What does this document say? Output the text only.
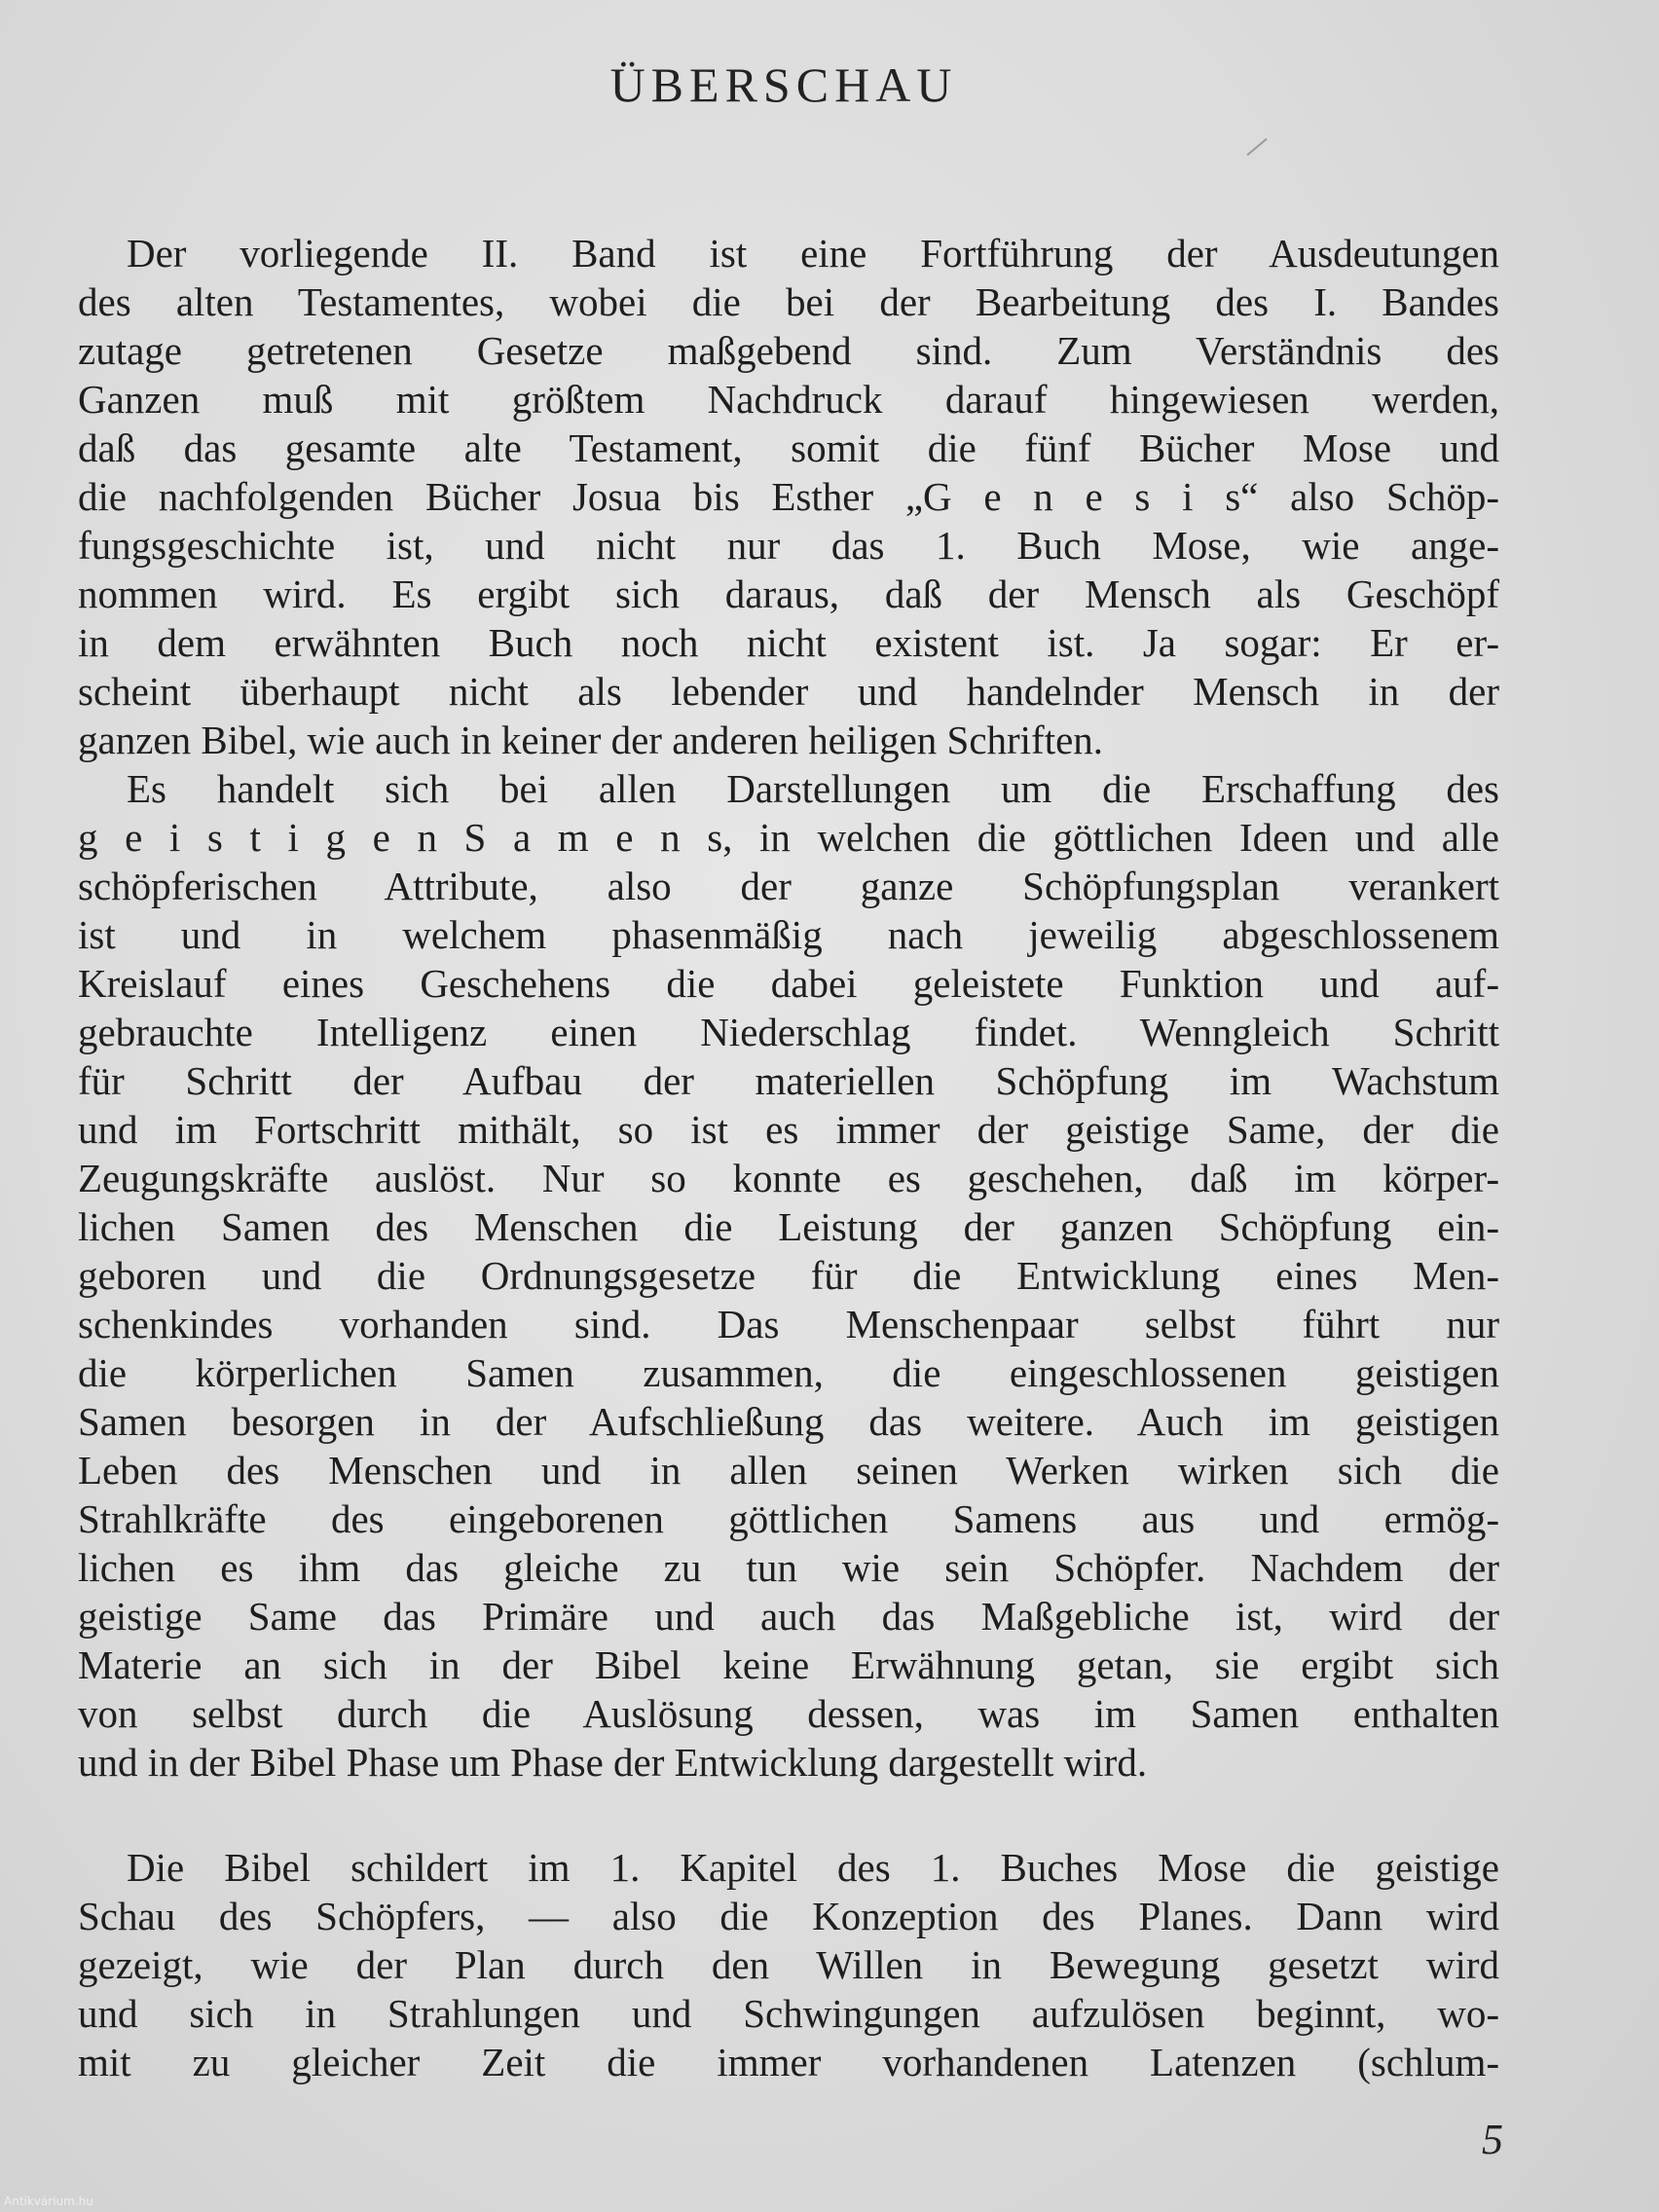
ÜBERSCHAU
Der vorliegende II. Band ist eine Fortführung der Ausdeutungen
des alten Testamentes, wobei die bei der Bearbeitung des I. Bandes
zutage getretenen Gesetze maßgebend sind. Zum Verständnis des
Ganzen muß mit größtem Nachdruck darauf hingewiesen werden,
daß das gesamte alte Testament, somit die fünf Bücher Mose und
die nachfolgenden Bücher Josua bis Esther „G e n e s i s“ also Schöp-
fungsgeschichte ist, und nicht nur das 1. Buch Mose, wie ange-
nommen wird. Es ergibt sich daraus, daß der Mensch als Geschöpf
in dem erwähnten Buch noch nicht existent ist. Ja sogar: Er er-
scheint überhaupt nicht als lebender und handelnder Mensch in der
ganzen Bibel, wie auch in keiner der anderen heiligen Schriften.
Es handelt sich bei allen Darstellungen um die Erschaffung des
g e i s t i g e n S a m e n s, in welchen die göttlichen Ideen und alle
schöpferischen Attribute, also der ganze Schöpfungsplan verankert
ist und in welchem phasenmäßig nach jeweilig abgeschlossenem
Kreislauf eines Geschehens die dabei geleistete Funktion und auf-
gebrauchte Intelligenz einen Niederschlag findet. Wenngleich Schritt
für Schritt der Aufbau der materiellen Schöpfung im Wachstum
und im Fortschritt mithält, so ist es immer der geistige Same, der die
Zeugungskräfte auslöst. Nur so konnte es geschehen, daß im körper-
lichen Samen des Menschen die Leistung der ganzen Schöpfung ein-
geboren und die Ordnungsgesetze für die Entwicklung eines Men-
schenkindes vorhanden sind. Das Menschenpaar selbst führt nur
die körperlichen Samen zusammen, die eingeschlossenen geistigen
Samen besorgen in der Aufschließung das weitere. Auch im geistigen
Leben des Menschen und in allen seinen Werken wirken sich die
Strahlkräfte des eingeborenen göttlichen Samens aus und ermög-
lichen es ihm das gleiche zu tun wie sein Schöpfer. Nachdem der
geistige Same das Primäre und auch das Maßgebliche ist, wird der
Materie an sich in der Bibel keine Erwähnung getan, sie ergibt sich
von selbst durch die Auslösung dessen, was im Samen enthalten
und in der Bibel Phase um Phase der Entwicklung dargestellt wird.
Die Bibel schildert im 1. Kapitel des 1. Buches Mose die geistige
Schau des Schöpfers, — also die Konzeption des Planes. Dann wird
gezeigt, wie der Plan durch den Willen in Bewegung gesetzt wird
und sich in Strahlungen und Schwingungen aufzulösen beginnt, wo-
mit zu gleicher Zeit die immer vorhandenen Latenzen (schlum-
5
Antikvárium.hu
